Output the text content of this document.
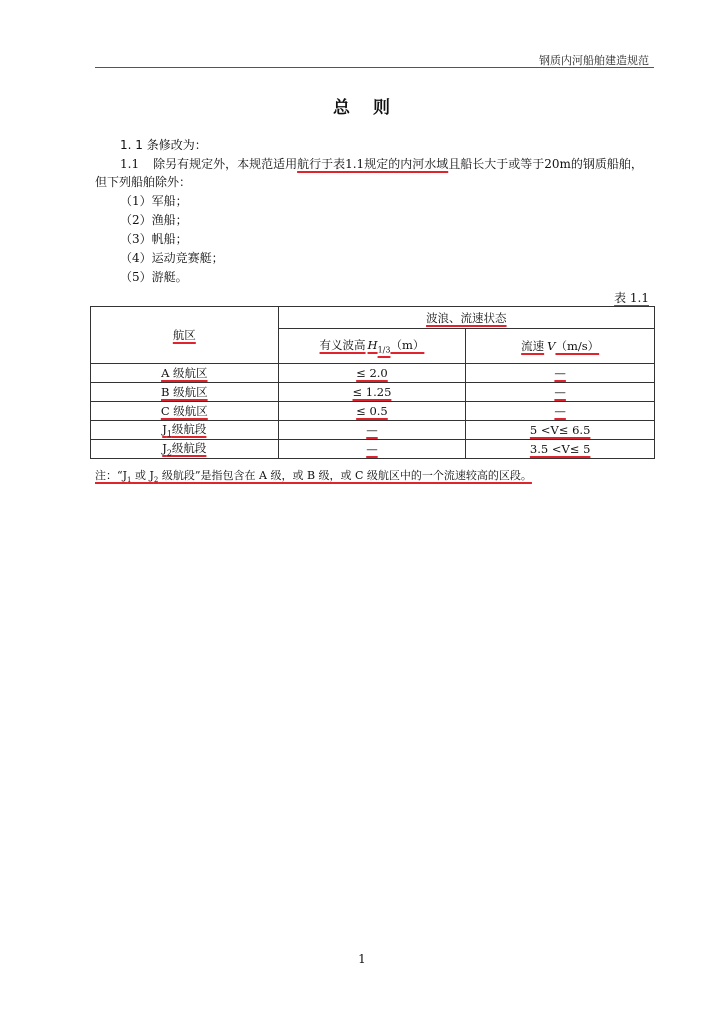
钢质内河船舶建造规范
总 则
1. 1 条修改为：
1.1 除另有规定外，本规范适用航行于表1.1规定的内河水域且船长大于或等于20m的钢质船舶，
但下列船舶除外：
（1）军船；
（2）渔船；
（3）帆船；
（4）运动竞赛艇；
（5）游艇。
表 1.1
航区	波浪、流速状态	
	有义波高 $H_{1/3}(m)$	流速 V（m/s）
A 级航区	≤ 2.0	—
B 级航区	≤ 1.25	—
C 级航区	≤ 0.5	—
$J_1$级航段	—	5 <V≤ 6.5
$J_2$级航段	—	3.5 <V≤ 5
注：“$J_1$ 或 $J_2$ 级航段”是指包含在 A 级，或 B 级，或 C 级航区中的一个流速较高的区段。
1
